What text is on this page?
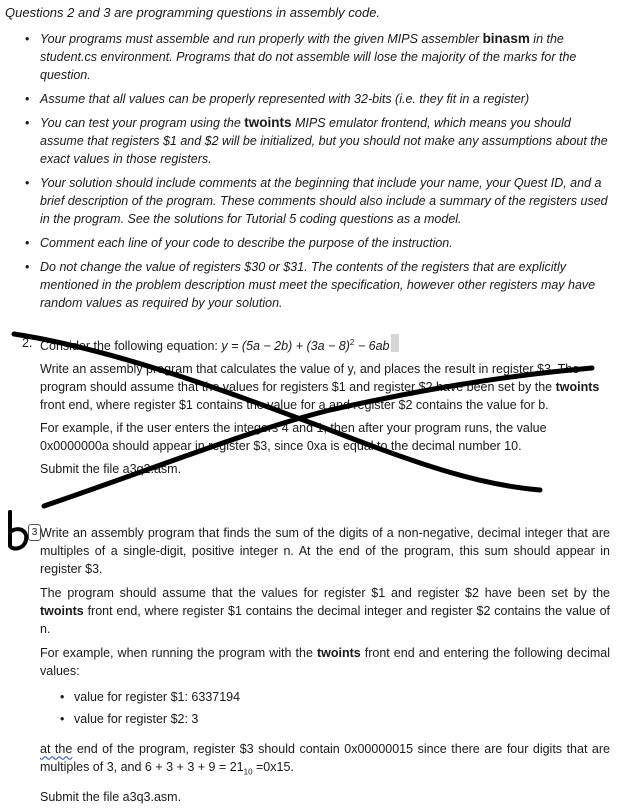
Questions 2 and 3 are programming questions in assembly code.
• Your programs must assemble and run properly with the given MIPS assembler binasm in the student.cs environment. Programs that do not assemble will lose the majority of the marks for the question.
• Assume that all values can be properly represented with 32-bits (i.e. they fit in a register)
• You can test your program using the twoints MIPS emulator frontend, which means you should assume that registers $1 and $2 will be initialized, but you should not make any assumptions about the exact values in those registers.
• Your solution should include comments at the beginning that include your name, your Quest ID, and a brief description of the program. These comments should also include a summary of the registers used in the program. See the solutions for Tutorial 5 coding questions as a model.
• Comment each line of your code to describe the purpose of the instruction.
• Do not change the value of registers $30 or $31. The contents of the registers that are explicitly mentioned in the problem description must meet the specification, however other registers may have random values as required by your solution.
2. Consider the following equation: $y = (5a - 2b) + (3a - 8)^2 - 6ab$

Write an assembly program that calculates the value of y, and places the result in register $3. The program should assume that the values for registers $1 and register $2 have been set by the twoints front end, where register $1 contains the value for a and register $2 contains the value for b.

For example, if the user enters the integers 4 and 1, then after your program runs, the value 0x0000000a should appear in register $3, since 0xa is equal to the decimal number 10.

Submit the file a3q2.asm.

3 Write an assembly program that finds the sum of the digits of a non-negative, decimal integer that are multiples of a single-digit, positive integer n. At the end of the program, this sum should appear in register $3.

The program should assume that the values for register $1 and register $2 have been set by the twoints front end, where register $1 contains the decimal integer and register $2 contains the value of n.

For example, when running the program with the twoints front end and entering the following decimal values:

• value for register $1: 6337194
• value for register $2: 3

at the end of the program, register $3 should contain 0x00000015 since there are four digits that are multiples of 3, and $6 + 3 + 3 + 9 = 21_{10} =0x15$.

Submit the file a3q3.asm.
